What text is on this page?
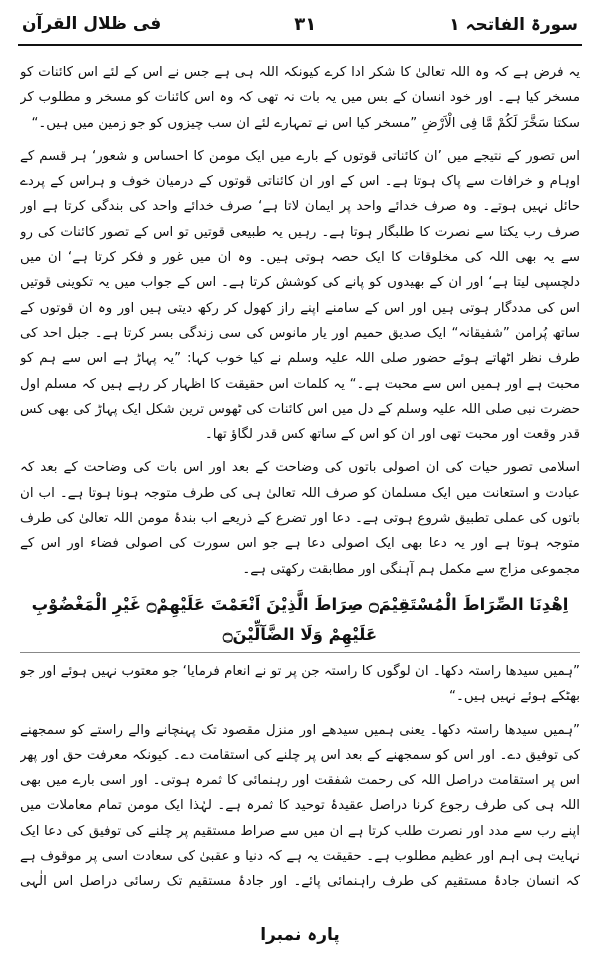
فی ظلال القرآن	۳۱	سورۃ الفاتحہ ۱

یہ فرض ہے کہ وہ اللہ تعالیٰ کا شکر ادا کرے کیونکہ اللہ ہی ہے جس نے اس کے لئے اس کائنات کو مسخر کیا ہے۔ اور خود انسان کے بس میں یہ بات نہ تھی کہ وہ اس کائنات کو مسخر و مطلوب کر سکتا سَخَّرَ لَکُمْ مَّا فِی الْاَرْضِ ”مسخر کیا اس نے تمہارے لئے ان سب چیزوں کو جو زمین میں ہیں۔“

اس تصور کے نتیجے میں ’ان کائناتی قوتوں کے بارے میں ایک مومن کا احساس و شعور‘ ہر قسم کے اوہام و خرافات سے پاک ہوتا ہے۔ اس کے اور ان کائناتی قوتوں کے درمیان خوف و ہراس کے پردے حائل نہیں ہوتے۔ وہ صرف خدائے واحد پر ایمان لاتا ہے‘ صرف خدائے واحد کی بندگی کرتا ہے اور صرف رب یکتا سے نصرت کا طلبگار ہوتا ہے۔ رہیں یہ طبیعی قوتیں تو اس کے تصور کائنات کی رو سے یہ بھی اللہ کی مخلوقات کا ایک حصہ ہوتی ہیں۔ وہ ان میں غور و فکر کرتا ہے‘ ان میں دلچسپی لیتا ہے‘ اور ان کے بھیدوں کو پانے کی کوشش کرتا ہے۔ اس کے جواب میں یہ تکوینی قوتیں اس کی مددگار ہوتی ہیں اور اس کے سامنے اپنے راز کھول کر رکھ دیتی ہیں اور وہ ان قوتوں کے ساتھ پُرامن ”شفیقانہ“ ایک صدیق حمیم اور یار مانوس کی سی زندگی بسر کرتا ہے۔ جبل احد کی طرف نظر اٹھاتے ہوئے حضور صلی اللہ علیہ وسلم نے کیا خوب کہا: ”یہ پہاڑ ہے اس سے ہم کو محبت ہے اور ہمیں اس سے محبت ہے۔“ یہ کلمات اس حقیقت کا اظہار کر رہے ہیں کہ مسلم اول حضرت نبی صلی اللہ علیہ وسلم کے دل میں اس کائنات کی ٹھوس ترین شکل ایک پہاڑ کی بھی کس قدر وقعت اور محبت تھی اور ان کو اس کے ساتھ کس قدر لگاؤ تھا۔

اسلامی تصور حیات کی ان اصولی باتوں کی وضاحت کے بعد اور اس بات کی وضاحت کے بعد کہ عبادت و استعانت میں ایک مسلمان کو صرف اللہ تعالیٰ ہی کی طرف متوجہ ہونا ہوتا ہے۔ اب ان باتوں کی عملی تطبیق شروع ہوتی ہے۔ دعا اور تضرع کے ذریعے اب بندۂ مومن اللہ تعالیٰ کی طرف متوجہ ہوتا ہے اور یہ دعا بھی ایک اصولی دعا ہے جو اس سورت کی اصولی فضاء اور اس کے مجموعی مزاج سے مکمل ہم آہنگی اور مطابقت رکھتی ہے۔

اِھْدِنَا الصِّرَاطَ الْمُسْتَقِیْمَ۝ صِرَاطَ الَّذِیْنَ اَنْعَمْتَ عَلَیْھِمْ۝ غَیْرِ الْمَغْضُوْبِ عَلَیْھِمْ وَلَا الضَّآلِّیْنَ۝

”ہمیں سیدھا راستہ دکھا۔ ان لوگوں کا راستہ جن پر تو نے انعام فرمایا‘ جو معتوب نہیں ہوئے اور جو بھٹکے ہوئے نہیں ہیں۔“

”ہمیں سیدھا راستہ دکھا۔ یعنی ہمیں سیدھے اور منزل مقصود تک پہنچانے والے راستے کو سمجھنے کی توفیق دے۔ اور اس کو سمجھنے کے بعد اس پر چلنے کی استقامت دے۔ کیونکہ معرفت حق اور پھر اس پر استقامت دراصل اللہ کی رحمت شفقت اور رہنمائی کا ثمرہ ہوتی۔ اور اسی بارے میں بھی اللہ ہی کی طرف رجوع کرنا دراصل عقیدۂ توحید کا ثمرہ ہے۔ لہٰذا ایک مومن تمام معاملات میں اپنے رب سے مدد اور نصرت طلب کرتا ہے ان میں سے صراط مستقیم پر چلنے کی توفیق کی دعا ایک نہایت ہی اہم اور عظیم مطلوب ہے۔ حقیقت یہ ہے کہ دنیا و عقبیٰ کی سعادت اسی پر موقوف ہے کہ انسان جادۂ مستقیم کی طرف راہنمائی پائے۔ اور جادۂ مستقیم تک رسائی دراصل اس الٰہی

پارہ نمبرا
